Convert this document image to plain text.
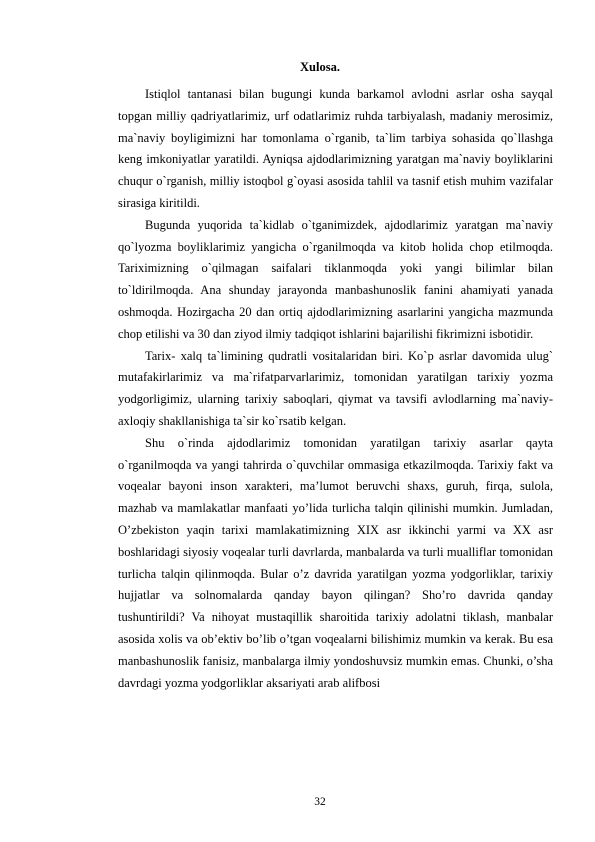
Xulosa.

Istiqlol tantanasi bilan bugungi kunda barkamol avlodni asrlar osha sayqal topgan milliy qadriyatlarimiz, urf odatlarimiz ruhda tarbiyalash, madaniy merosimiz, ma`naviy boyligimizni har tomonlama o`rganib, ta`lim tarbiya sohasida qo`llashga keng imkoniyatlar yaratildi. Ayniqsa ajdodlarimizning yaratgan ma`naviy boyliklarini chuqur o`rganish, milliy istoqbol g`oyasi asosida tahlil va tasnif etish muhim vazifalar sirasiga kiritildi.

Bugunda yuqorida ta`kidlab o`tganimizdek, ajdodlarimiz yaratgan ma`naviy qo`lyozma boyliklarimiz yangicha o`rganilmoqda va kitob holida chop etilmoqda. Tariximizning o`qilmagan saifalari tiklanmoqda yoki yangi bilimlar bilan to`ldirilmoqda. Ana shunday jarayonda manbashunoslik fanini ahamiyati yanada oshmoqda. Hozirgacha 20 dan ortiq ajdodlarimizning asarlarini yangicha mazmunda chop etilishi va 30 dan ziyod ilmiy tadqiqot ishlarini bajarilishi fikrimizni isbotidir.

Tarix- xalq ta`limining qudratli vositalaridan biri. Ko`p asrlar davomida ulug` mutafakirlarimiz va ma`rifatparvarlarimiz, tomonidan yaratilgan tarixiy yozma yodgorligimiz, ularning tarixiy saboqlari, qiymat va tavsifi avlodlarning ma`naviy- axloqiy shakllanishiga ta`sir ko`rsatib kelgan.

Shu o`rinda ajdodlarimiz tomonidan yaratilgan tarixiy asarlar qayta o`rganilmoqda va yangi tahrirda o`quvchilar ommasiga etkazilmoqda. Tarixiy fakt va voqealar bayoni inson xarakteri, ma’lumot beruvchi shaxs, guruh, firqa, sulola, mazhab va mamlakatlar manfaati yo’lida turlicha talqin qilinishi mumkin. Jumladan, O’zbekiston yaqin tarixi mamlakatimizning XIX asr ikkinchi yarmi va XX asr boshlaridagi siyosiy voqealar turli davrlarda, manbalarda va turli mualliflar tomonidan turlicha talqin qilinmoqda. Bular o’z davrida yaratilgan yozma yodgorliklar, tarixiy hujjatlar va solnomalarda qanday bayon qilingan? Sho’ro davrida qanday tushuntirildi? Va nihoyat mustaqillik sharoitida tarixiy adolatni tiklash, manbalar asosida xolis va ob’ektiv bo’lib o’tgan voqealarni bilishimiz mumkin va kerak. Bu esa manbashunoslik fanisiz, manbalarga ilmiy yondoshuvsiz mumkin emas. Chunki, o’sha davrdagi yozma yodgorliklar aksariyati arab alifbosi

32
